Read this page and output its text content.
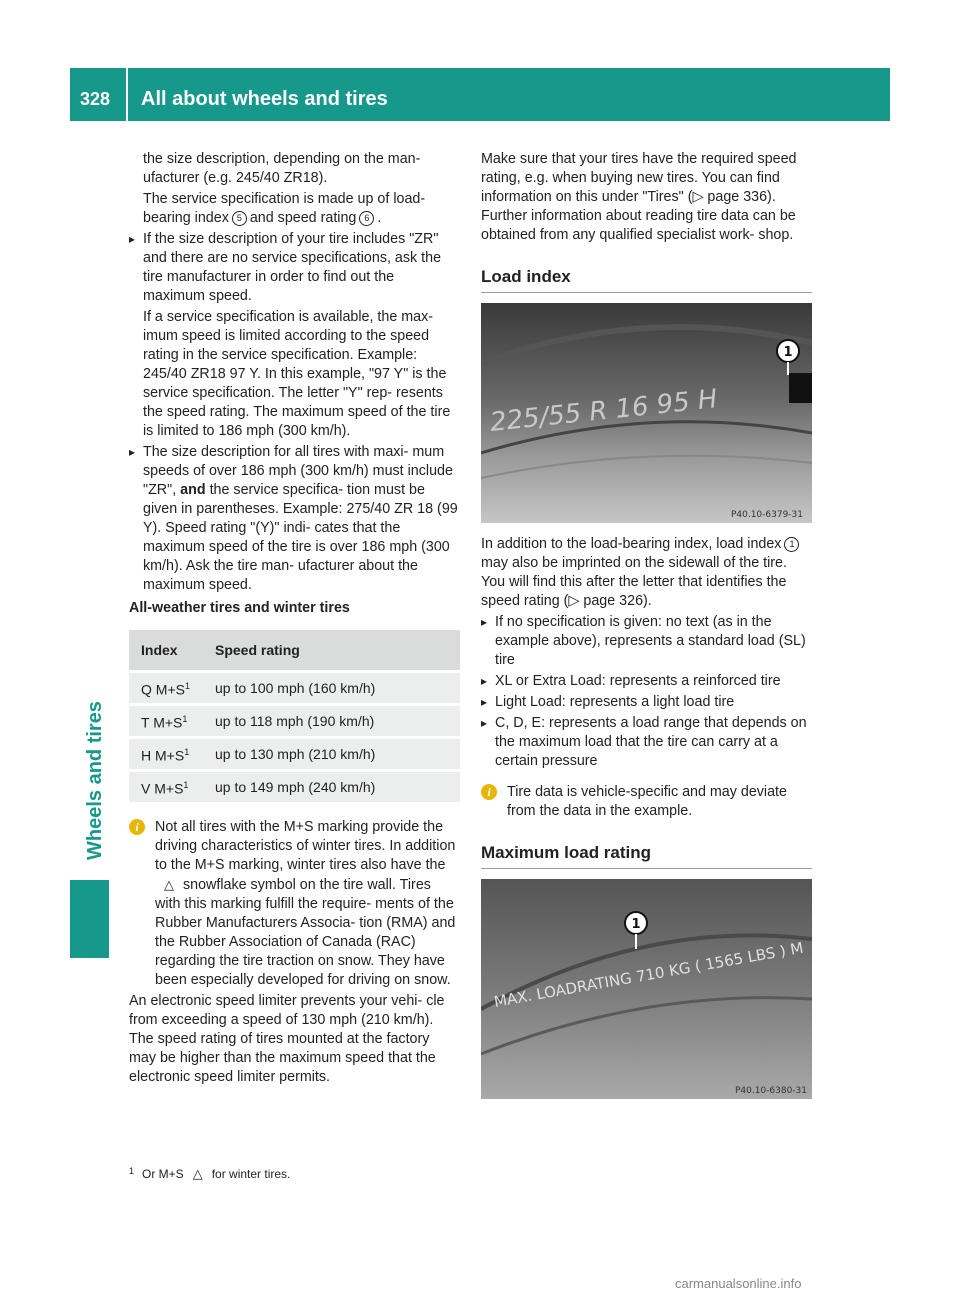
328 All about wheels and tires
Wheels and tires

the size description, depending on the man- ufacturer (e.g. 245/40 ZR18).

The service specification is made up of load- bearing index 5 and speed rating 6 .

▸ If the size description of your tire includes "ZR" and there are no service specifications, ask the tire manufacturer in order to find out the maximum speed.

If a service specification is available, the max- imum speed is limited according to the speed rating in the service specification. Example: 245/40 ZR18 97 Y. In this example, "97 Y" is the service specification. The letter "Y" rep- resents the speed rating. The maximum speed of the tire is limited to 186 mph (300 km/h).

▸ The size description for all tires with maxi- mum speeds of over 186 mph (300 km/h) must include "ZR", and the service specifica- tion must be given in parentheses. Example: 275/40 ZR 18 (99 Y). Speed rating "(Y)" indi- cates that the maximum speed of the tire is over 186 mph (300 km/h). Ask the tire man- ufacturer about the maximum speed.

All-weather tires and winter tires

Index	Speed rating
Q $M+S^1$	up to 100 mph (160 km/h)
T $M+S^1$	up to 118 mph (190 km/h)
H $M+S^1$	up to 130 mph (210 km/h)
V $M+S^1$	up to 149 mph (240 km/h)
i	Not all tires with the M+S marking provide the driving characteristics of winter tires. In addition to the M+S marking, winter tires also have the△ snowflake symbol on the tire wall. Tires with this marking fulfill the require- ments of the Rubber Manufacturers Associa- tion (RMA) and the Rubber Association of Canada (RAC) regarding the tire traction on snow. They have been especially developed for driving on snow.

An electronic speed limiter prevents your vehi- cle from exceeding a speed of 130 mph (210 km/h).

The speed rating of tires mounted at the factory may be higher than the maximum speed that the electronic speed limiter permits.

Make sure that your tires have the required speed rating, e.g. when buying new tires. You can find information on this under "Tires" (▷ page 336).

Further information about reading tire data can be obtained from any qualified specialist work- shop.

Load index
225/55 R 16 95 H
1
P40.10-6379-31

In addition to the load-bearing index, load index 1may also be imprinted on the sidewall of the tire. You will find this after the letter that identifies the speed rating (▷ page 326).

▸ If no specification is given: no text (as in the example above), represents a standard load (SL) tire

▸ XL or Extra Load: represents a reinforced tire

▸ Light Load: represents a light load tire

▸ C, D, E: represents a load range that depends on the maximum load that the tire can carry at a certain pressure

i	Tire data is vehicle-specific and may deviate from the data in the example.
Maximum load rating
MAX. LOADRATING 710 KG ( 1565 LBS ) M
1
P40.10-6380-31
$^1$ Or M+S △ for winter tires.
carmanualsonline.info
